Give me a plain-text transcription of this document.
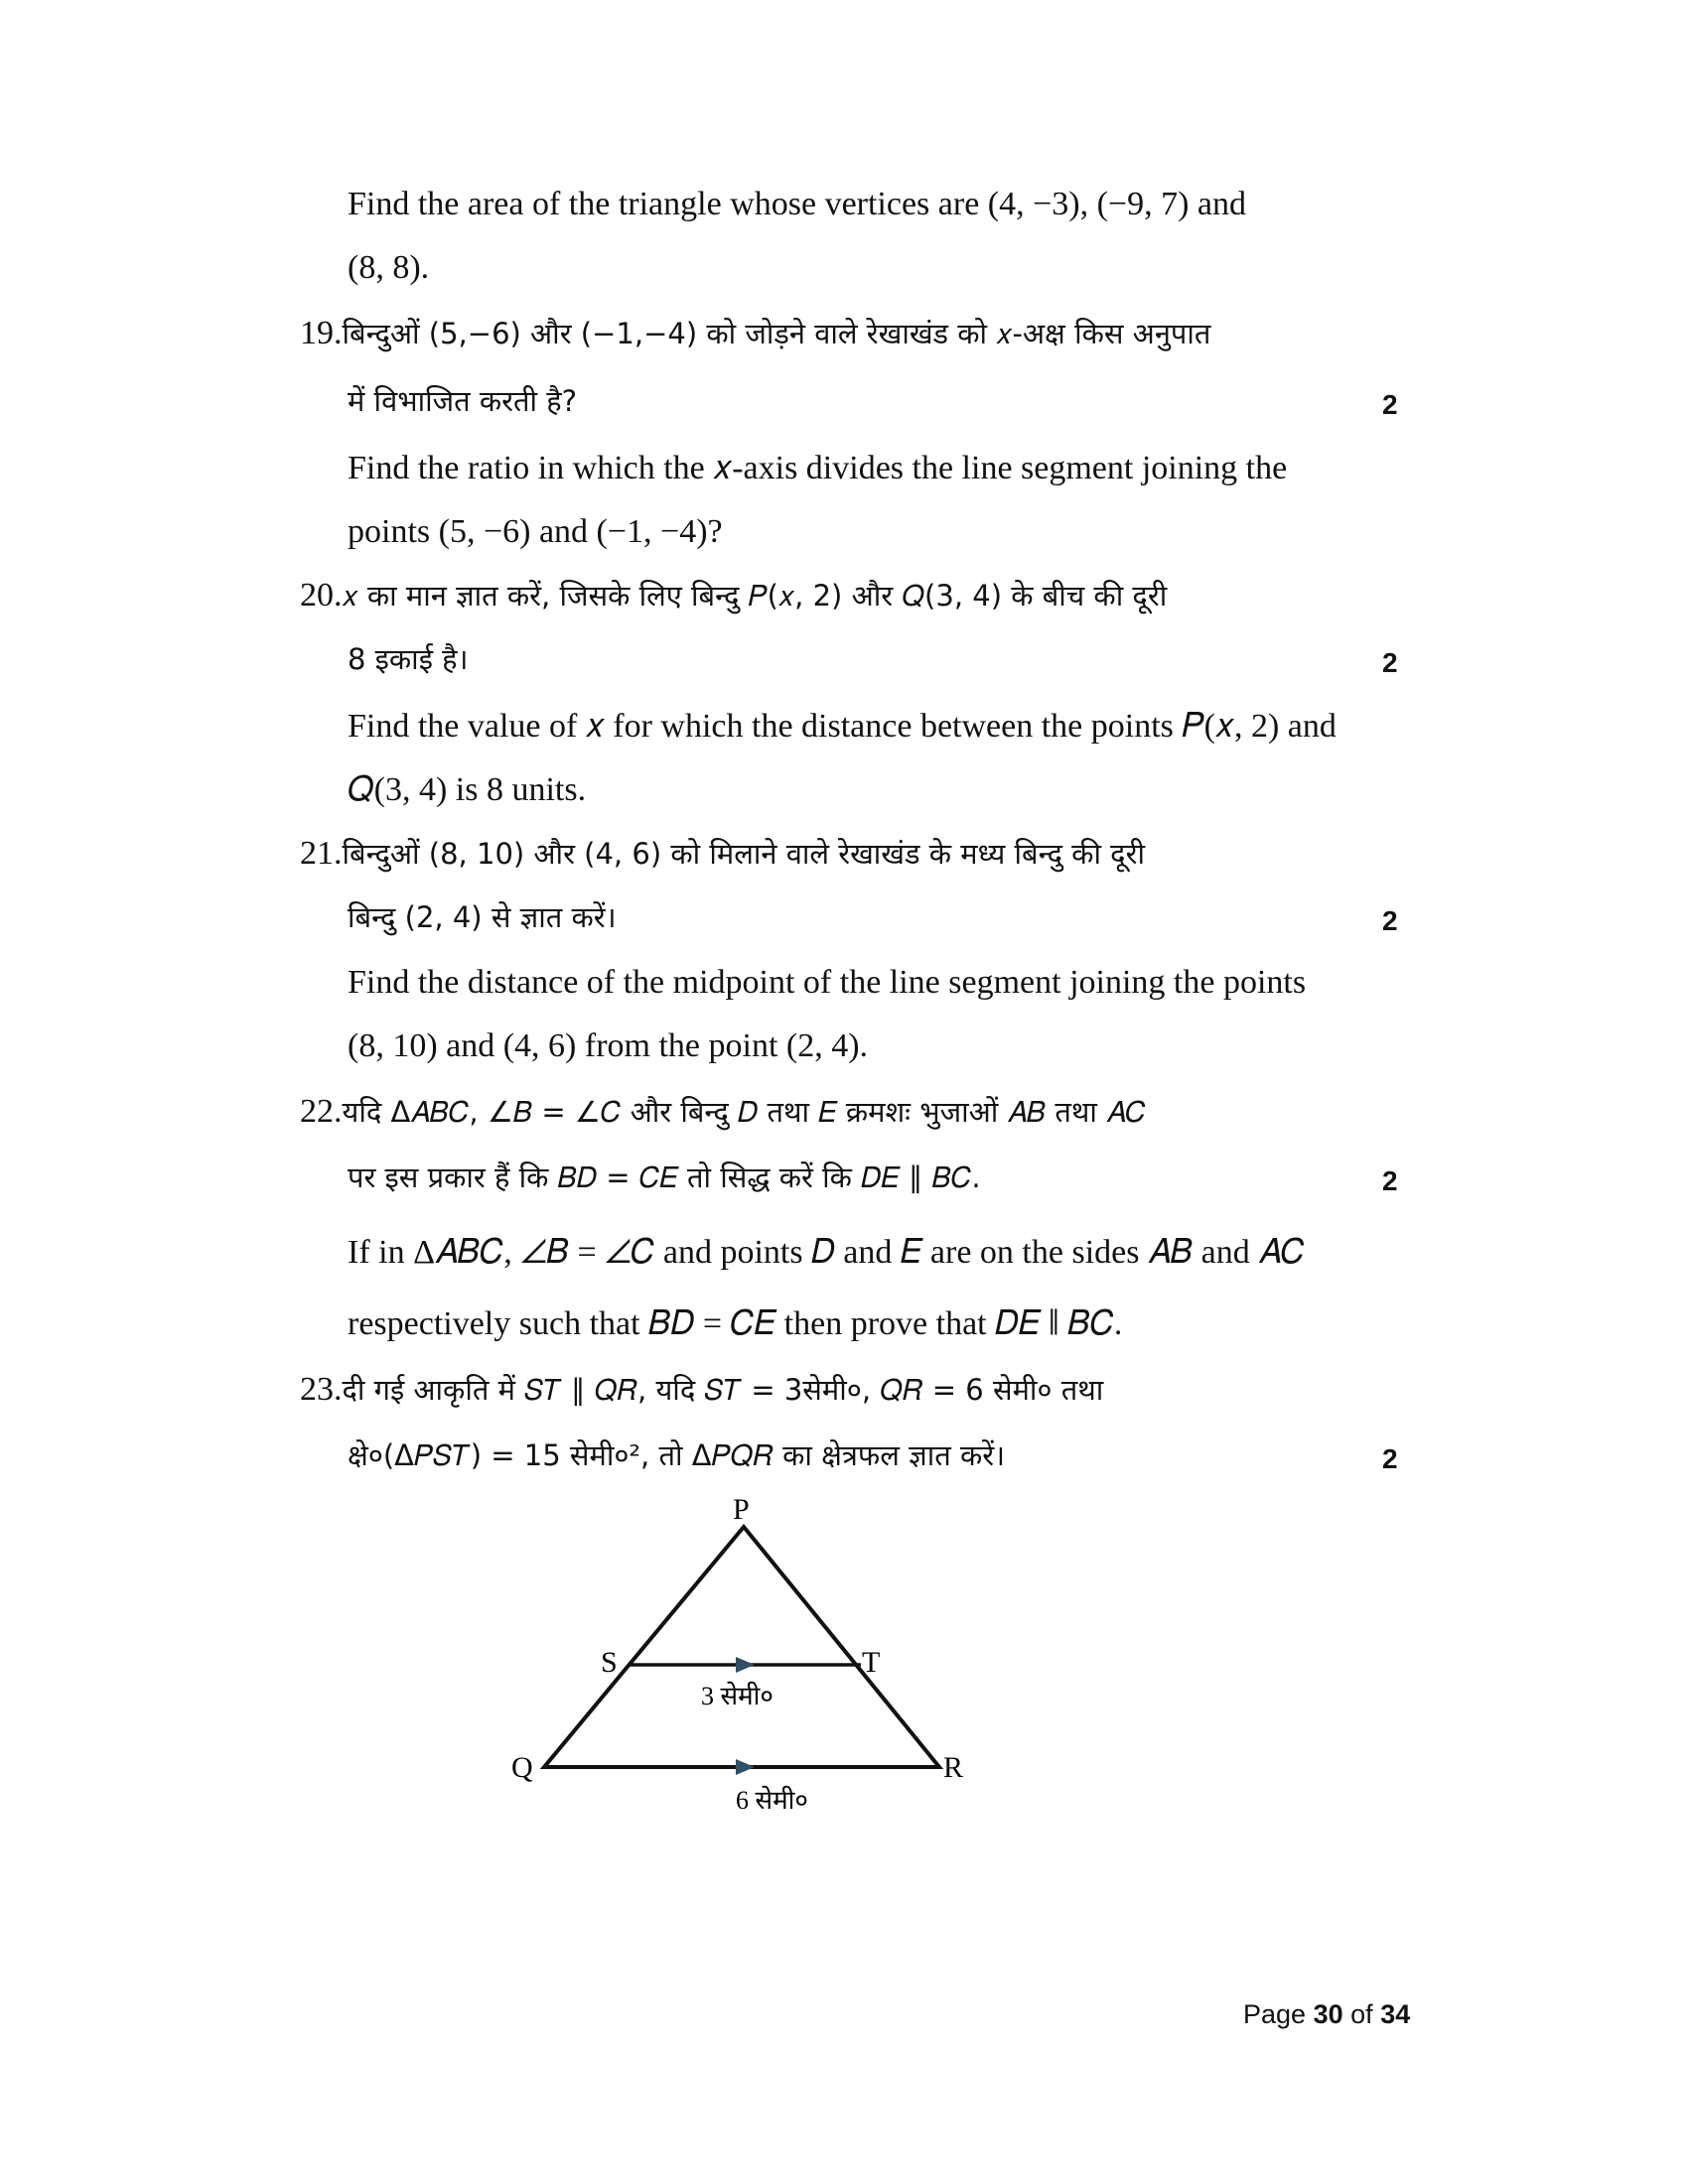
Find the area of the triangle whose vertices are (4, −3), (−9, 7) and
(8, 8).
19.बिन्दुओं (5,−6) और (−1,−4) को जोड़ने वाले रेखाखंड को 𝑥-अक्ष किस अनुपात
में विभाजित करती है?	2
Find the ratio in which the 𝑥-axis divides the line segment joining the
points (5, −6) and (−1, −4)?
20.𝑥 का मान ज्ञात करें, जिसके लिए बिन्दु 𝑃(𝑥, 2) और 𝑄(3, 4) के बीच की दूरी
8 इकाई है।	2
Find the value of 𝑥 for which the distance between the points 𝑃(𝑥, 2) and
𝑄(3, 4) is 8 units.
21.बिन्दुओं (8, 10) और (4, 6) को मिलाने वाले रेखाखंड के मध्य बिन्दु की दूरी
बिन्दु (2, 4) से ज्ञात करें।	2
Find the distance of the midpoint of the line segment joining the points
(8, 10) and (4, 6) from the point (2, 4).
22.यदि Δ𝐴𝐵𝐶, ∠𝐵 = ∠𝐶 और बिन्दु 𝐷 तथा 𝐸 क्रमशः भुजाओं 𝐴𝐵 तथा 𝐴𝐶
पर इस प्रकार हैं कि 𝐵𝐷 = 𝐶𝐸 तो सिद्ध करें कि 𝐷𝐸 ∥ 𝐵𝐶.	2
If in Δ𝐴𝐵𝐶, ∠𝐵 = ∠𝐶 and points 𝐷 and 𝐸 are on the sides 𝐴𝐵 and 𝐴𝐶
respectively such that 𝐵𝐷 = 𝐶𝐸 then prove that 𝐷𝐸 ∥ 𝐵𝐶.
23.दी गई आकृति में 𝑆𝑇 ∥ 𝑄𝑅, यदि 𝑆𝑇 = 3सेमी०, 𝑄𝑅 = 6 सेमी० तथा
क्षे०(Δ𝑃𝑆𝑇) = 15 सेमी०², तो Δ𝑃𝑄𝑅 का क्षेत्रफल ज्ञात करें।	2
P
S	T
Q	R
3 सेमी०
6 सेमी०
Page 30 of 34
